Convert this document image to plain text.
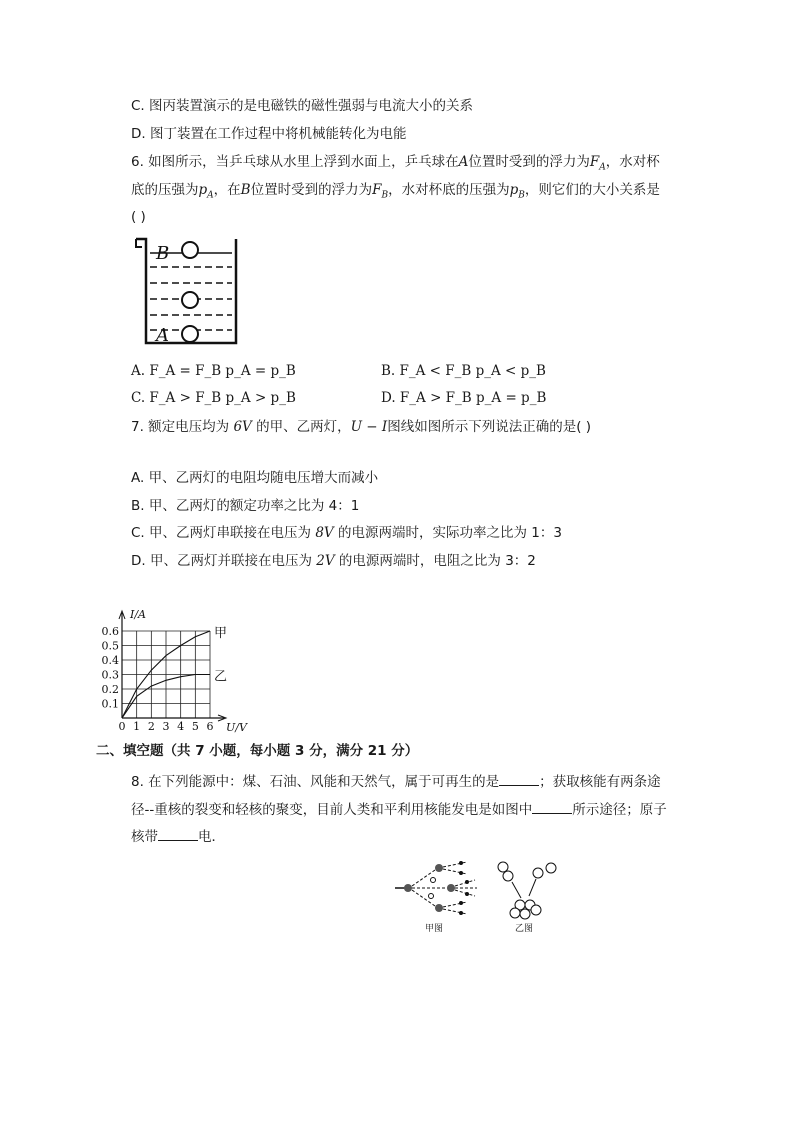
C. 图丙装置演示的是电磁铁的磁性强弱与电流大小的关系
D. 图丁装置在工作过程中将机械能转化为电能
6. 如图所示，当乒乓球从水里上浮到水面上，乒乓球在A位置时受到的浮力为$F_A$，水对杯
底的压强为$p_A$，在B位置时受到的浮力为$F_B$，水对杯底的压强为$p_B$，则它们的大小关系是
( )
B
A
A. F_A = F_B p_A = p_B	B. F_A < F_B p_A < p_B
C. F_A > F_B p_A > p_B	D. F_A > F_B p_A = p_B
7. 额定电压均为 6V 的甲、乙两灯，U − I图线如图所示下列说法正确的是( )
A. 甲、乙两灯的电阻均随电压增大而减小
B. 甲、乙两灯的额定功率之比为 4：1
C. 甲、乙两灯串联接在电压为 8V 的电源两端时，实际功率之比为 1：3
D. 甲、乙两灯并联接在电压为 2V 的电源两端时，电阻之比为 3：2
0 1 2 3 4 5 6
0.1
0.2
0.3
0.4
0.5
0.6	甲
乙
I/A
U/V
二、填空题（共 7 小题，每小题 3 分，满分 21 分）
8. 在下列能源中：煤、石油、风能和天然气，属于可再生的是	；获取核能有两条途
径--重核的裂变和轻核的聚变，目前人类和平利用核能发电是如图中	所示途径；原子
核带	电．
甲图	乙图
